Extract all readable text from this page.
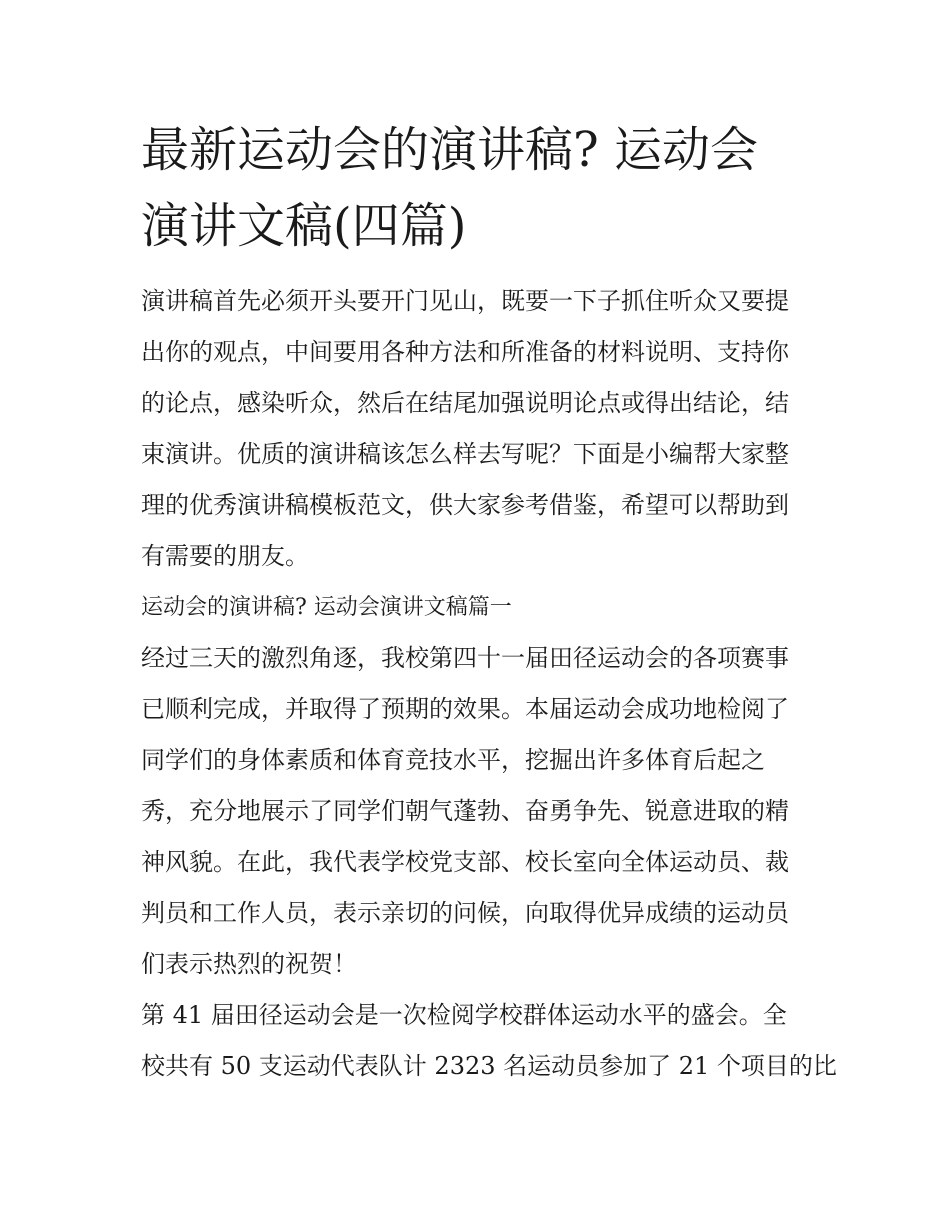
最新运动会的演讲稿? 运动会

演讲文稿(四篇)

演讲稿首先必须开头要开门见山，既要一下子抓住听众又要提

出你的观点，中间要用各种方法和所准备的材料说明、支持你

的论点，感染听众，然后在结尾加强说明论点或得出结论，结

束演讲。优质的演讲稿该怎么样去写呢？下面是小编帮大家整

理的优秀演讲稿模板范文，供大家参考借鉴，希望可以帮助到

有需要的朋友。

运动会的演讲稿? 运动会演讲文稿篇一

经过三天的激烈角逐，我校第四十一届田径运动会的各项赛事

已顺利完成，并取得了预期的效果。本届运动会成功地检阅了

同学们的身体素质和体育竞技水平，挖掘出许多体育后起之

秀，充分地展示了同学们朝气蓬勃、奋勇争先、锐意进取的精

神风貌。在此，我代表学校党支部、校长室向全体运动员、裁

判员和工作人员，表示亲切的问候，向取得优异成绩的运动员

们表示热烈的祝贺！

第 41 届田径运动会是一次检阅学校群体运动水平的盛会。全

校共有 50 支运动代表队计 2323 名运动员参加了 21 个项目的比
